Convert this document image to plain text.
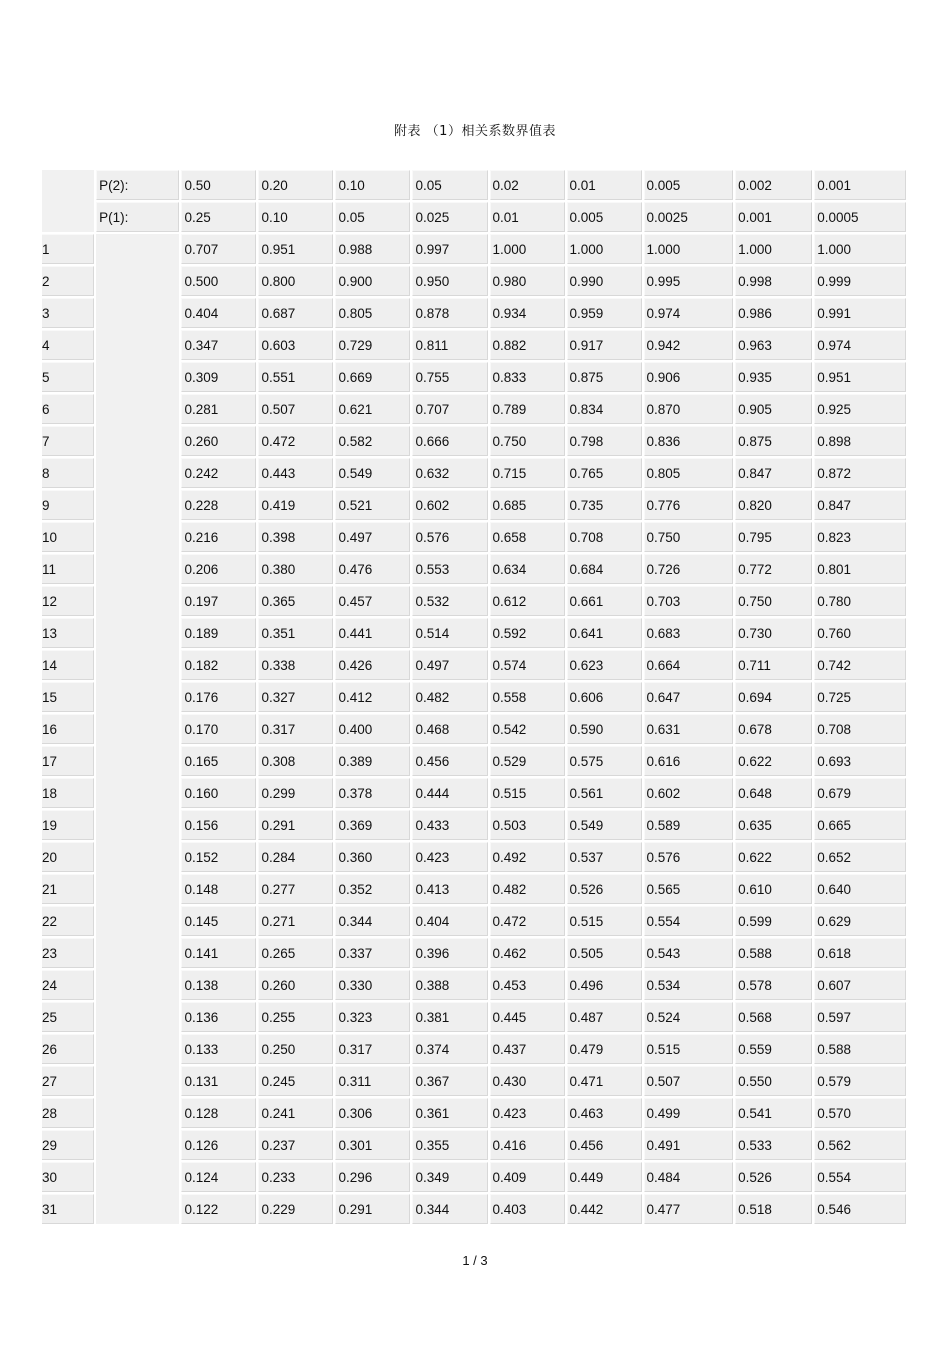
附表 （1）相关系数界值表
	P(2):	0.50	0.20	0.10	0.05	0.02	0.01	0.005	0.002	0.001
	P(1):	0.25	0.10	0.05	0.025	0.01	0.005	0.0025	0.001	0.0005
1		0.707	0.951	0.988	0.997	1.000	1.000	1.000	1.000	1.000
2		0.500	0.800	0.900	0.950	0.980	0.990	0.995	0.998	0.999
3		0.404	0.687	0.805	0.878	0.934	0.959	0.974	0.986	0.991
4		0.347	0.603	0.729	0.811	0.882	0.917	0.942	0.963	0.974
5		0.309	0.551	0.669	0.755	0.833	0.875	0.906	0.935	0.951
6		0.281	0.507	0.621	0.707	0.789	0.834	0.870	0.905	0.925
7		0.260	0.472	0.582	0.666	0.750	0.798	0.836	0.875	0.898
8		0.242	0.443	0.549	0.632	0.715	0.765	0.805	0.847	0.872
9		0.228	0.419	0.521	0.602	0.685	0.735	0.776	0.820	0.847
10		0.216	0.398	0.497	0.576	0.658	0.708	0.750	0.795	0.823
11		0.206	0.380	0.476	0.553	0.634	0.684	0.726	0.772	0.801
12		0.197	0.365	0.457	0.532	0.612	0.661	0.703	0.750	0.780
13		0.189	0.351	0.441	0.514	0.592	0.641	0.683	0.730	0.760
14		0.182	0.338	0.426	0.497	0.574	0.623	0.664	0.711	0.742
15		0.176	0.327	0.412	0.482	0.558	0.606	0.647	0.694	0.725
16		0.170	0.317	0.400	0.468	0.542	0.590	0.631	0.678	0.708
17		0.165	0.308	0.389	0.456	0.529	0.575	0.616	0.622	0.693
18		0.160	0.299	0.378	0.444	0.515	0.561	0.602	0.648	0.679
19		0.156	0.291	0.369	0.433	0.503	0.549	0.589	0.635	0.665
20		0.152	0.284	0.360	0.423	0.492	0.537	0.576	0.622	0.652
21		0.148	0.277	0.352	0.413	0.482	0.526	0.565	0.610	0.640
22		0.145	0.271	0.344	0.404	0.472	0.515	0.554	0.599	0.629
23		0.141	0.265	0.337	0.396	0.462	0.505	0.543	0.588	0.618
24		0.138	0.260	0.330	0.388	0.453	0.496	0.534	0.578	0.607
25		0.136	0.255	0.323	0.381	0.445	0.487	0.524	0.568	0.597
26		0.133	0.250	0.317	0.374	0.437	0.479	0.515	0.559	0.588
27		0.131	0.245	0.311	0.367	0.430	0.471	0.507	0.550	0.579
28		0.128	0.241	0.306	0.361	0.423	0.463	0.499	0.541	0.570
29		0.126	0.237	0.301	0.355	0.416	0.456	0.491	0.533	0.562
30		0.124	0.233	0.296	0.349	0.409	0.449	0.484	0.526	0.554
31		0.122	0.229	0.291	0.344	0.403	0.442	0.477	0.518	0.546
1 / 3
